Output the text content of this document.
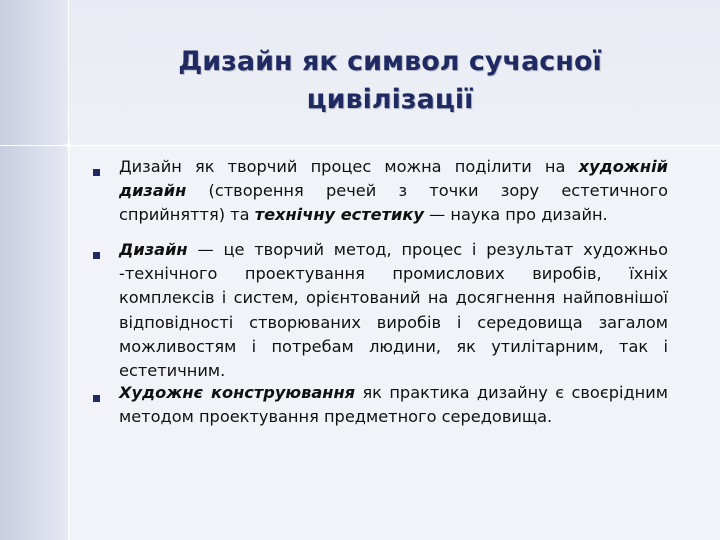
Дизайн як символ сучасної
цивілізації

Дизайн як творчий процес можна поділити на художній дизайн (створення речей з точки зору естетичного сприйняття) та технічну естетику — наука про дизайн.

Дизайн — це творчий метод, процес і результат художньо -технічного проектування промислових виробів, їхніх комплексів і систем, орієнтований на досягнення найповнішої відповідності створюваних виробів і середовища загалом можливостям і потребам людини, як утилітарним, так і естетичним.

Художнє конструювання як практика дизайну є своєрідним методом проектування предметного середовища.
